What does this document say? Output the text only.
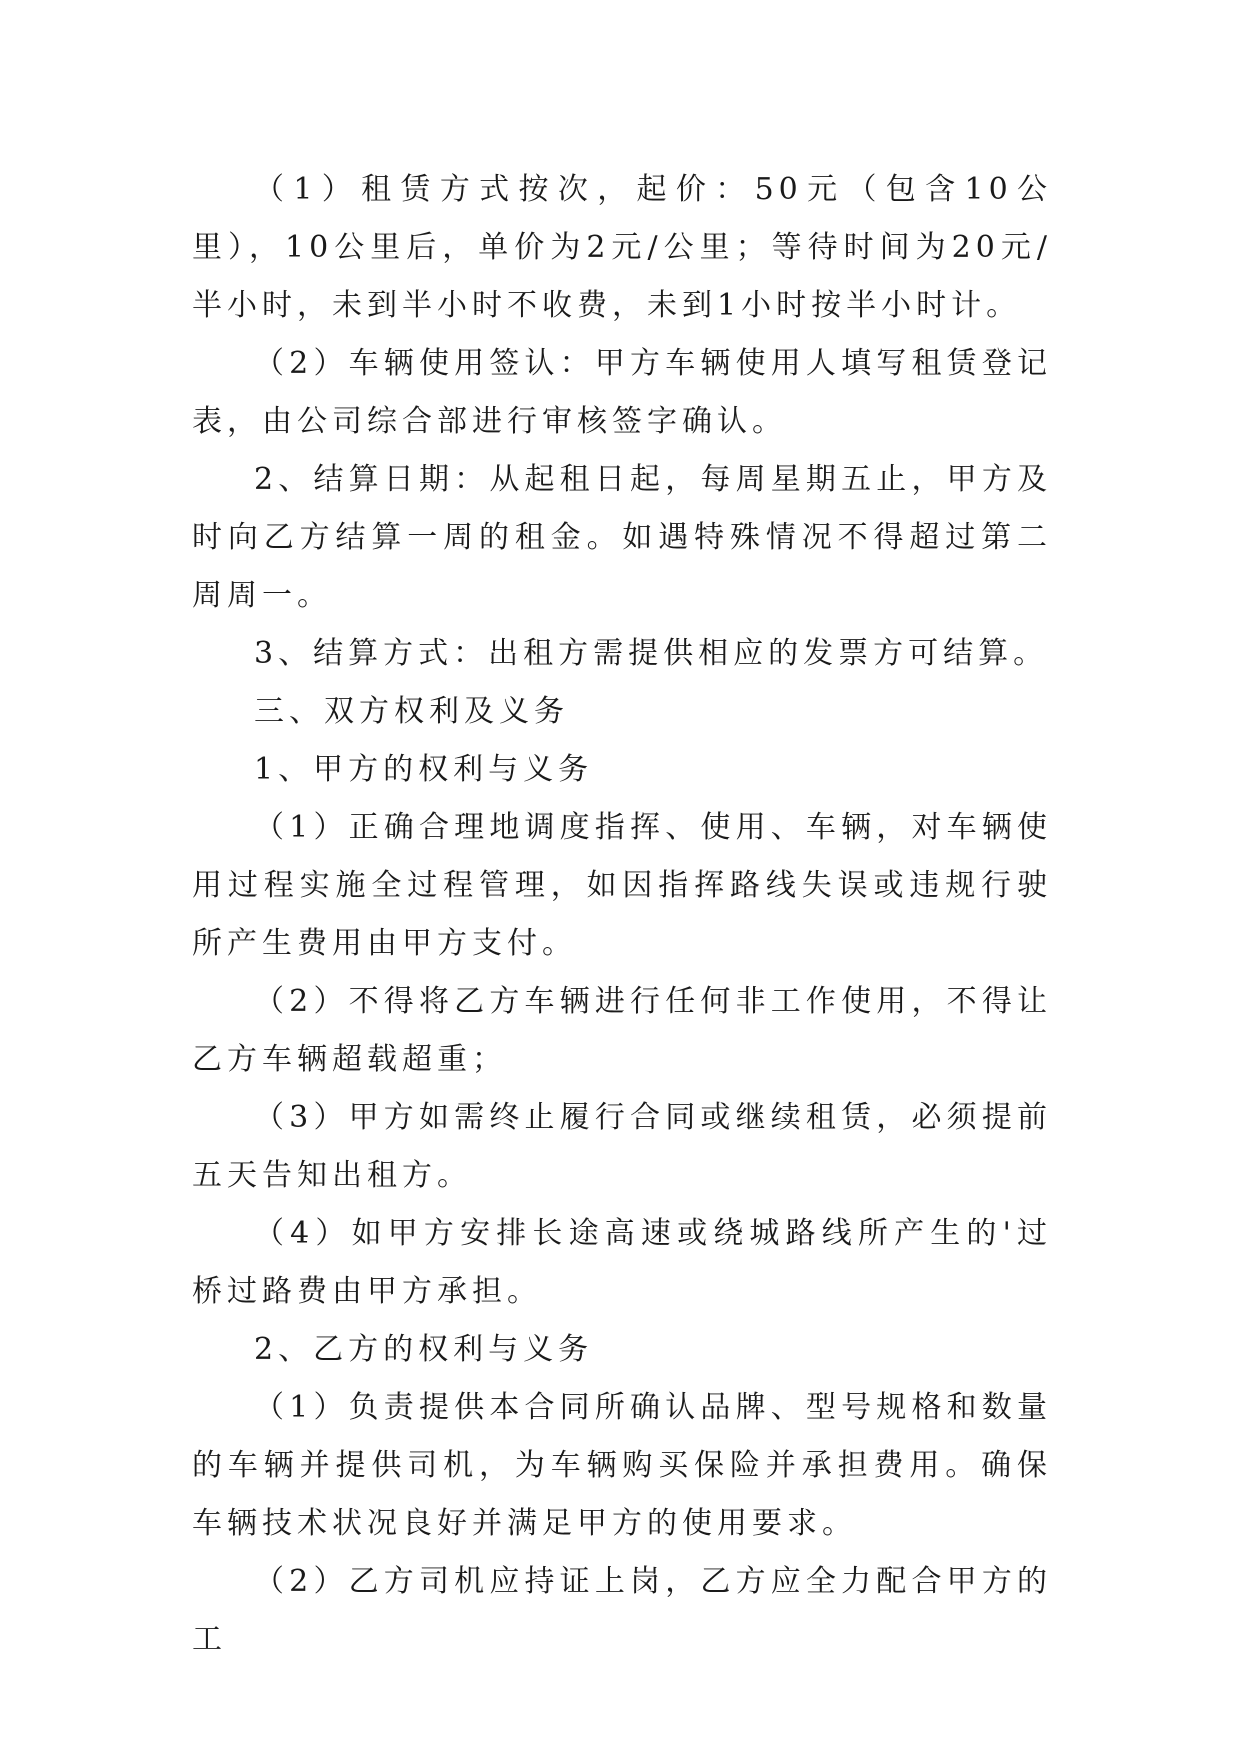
（1）租赁方式按次，起价：50元（包含10公里），10公里后，单价为2元/公里；等待时间为20元/半小时，未到半小时不收费，未到1小时按半小时计。

（2）车辆使用签认：甲方车辆使用人填写租赁登记表，由公司综合部进行审核签字确认。

2、结算日期：从起租日起，每周星期五止，甲方及时向乙方结算一周的租金。如遇特殊情况不得超过第二周周一。

3、结算方式：出租方需提供相应的发票方可结算。

三、双方权利及义务

1、甲方的权利与义务

（1）正确合理地调度指挥、使用、车辆，对车辆使用过程实施全过程管理，如因指挥路线失误或违规行驶所产生费用由甲方支付。

（2）不得将乙方车辆进行任何非工作使用，不得让乙方车辆超载超重；

（3）甲方如需终止履行合同或继续租赁，必须提前五天告知出租方。

（4）如甲方安排长途高速或绕城路线所产生的'过桥过路费由甲方承担。

2、乙方的权利与义务

（1）负责提供本合同所确认品牌、型号规格和数量的车辆并提供司机，为车辆购买保险并承担费用。确保车辆技术状况良好并满足甲方的使用要求。

（2）乙方司机应持证上岗，乙方应全力配合甲方的工
